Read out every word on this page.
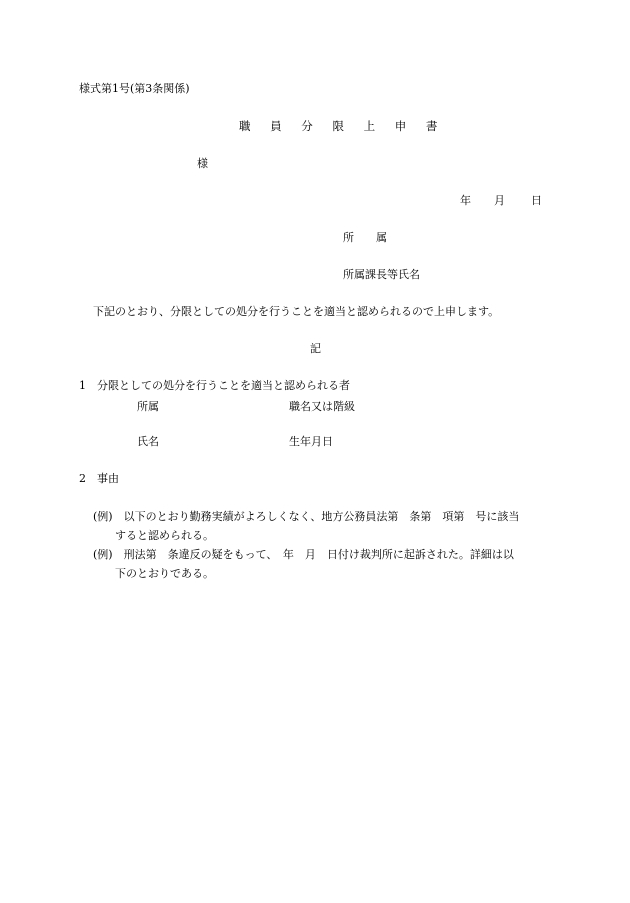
様式第1号(第3条関係)
職 員 分 限 上 申 書
様
年 月 日
所　　属
所属課長等氏名
下記のとおり、分限としての処分を行うことを適当と認められるので上申します。
記
1　分限としての処分を行うことを適当と認められる者
所属	職名又は階級
氏名	生年月日
2　事由
(例)　以下のとおり勤務実績がよろしくなく、地方公務員法第　条第　項第　号に該当
すると認められる。
(例)　刑法第　条違反の疑をもって、　年　月　日付け裁判所に起訴された。詳細は以
下のとおりである。
